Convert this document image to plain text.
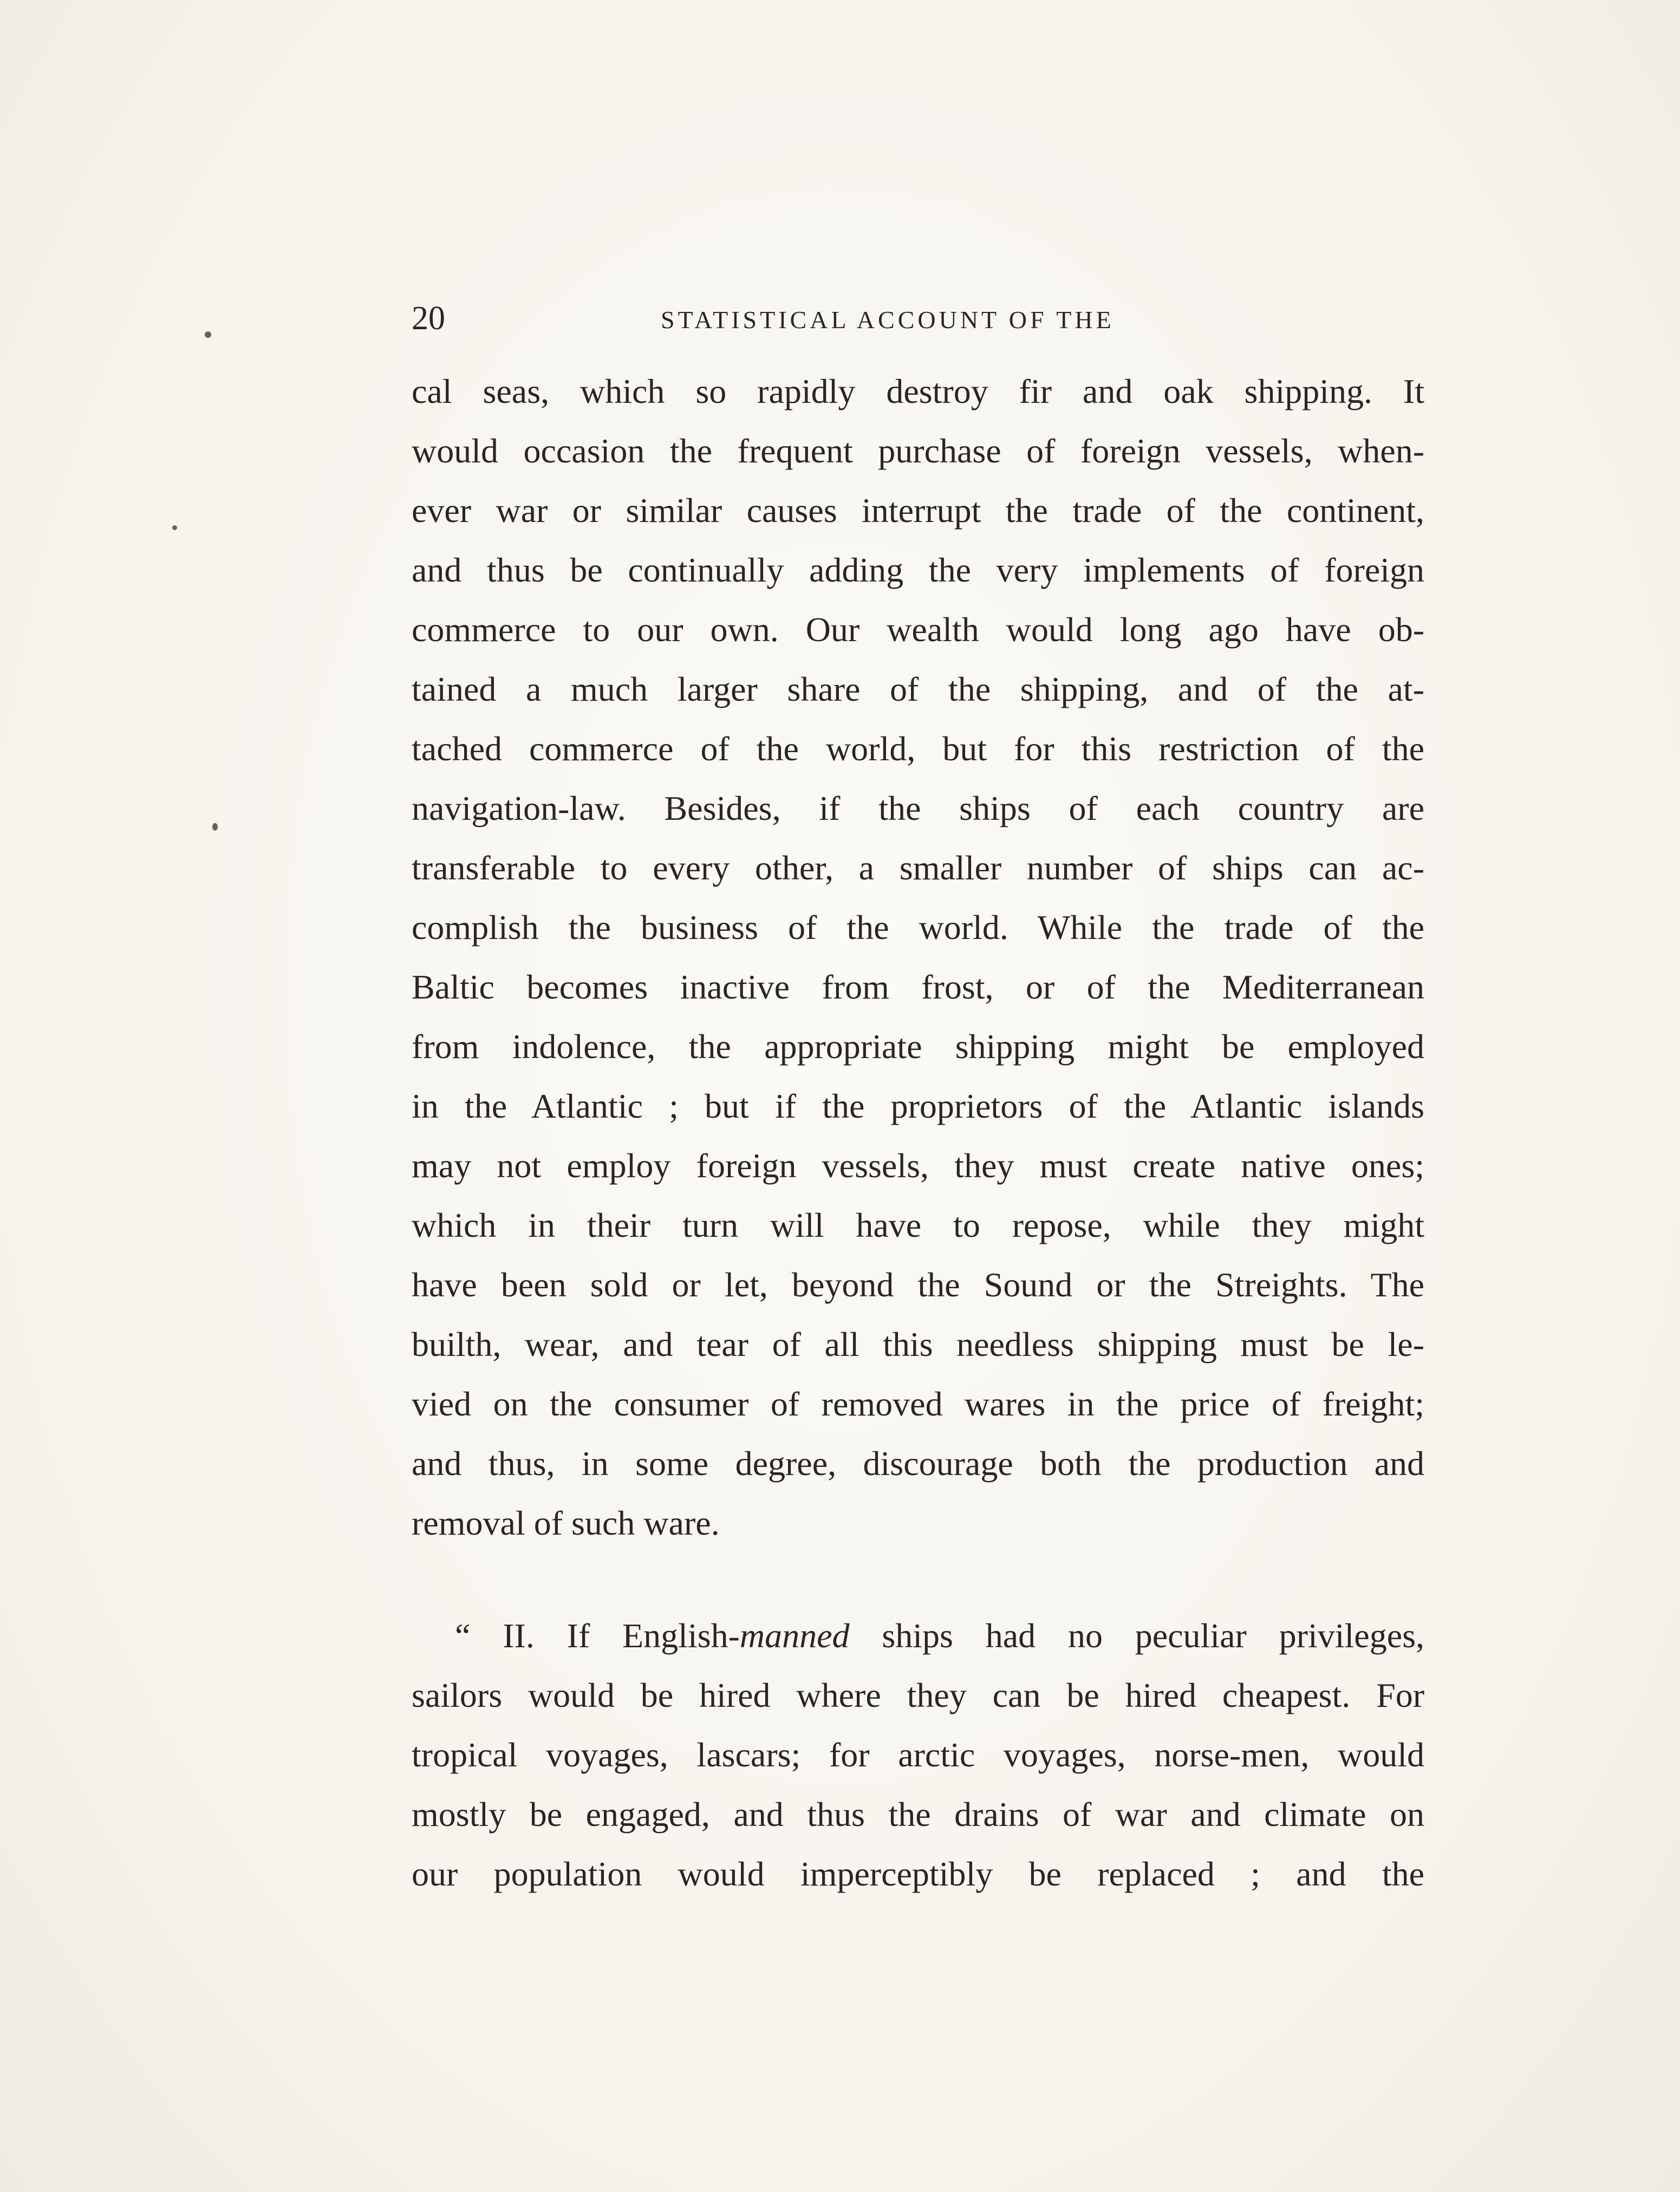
20	STATISTICAL ACCOUNT OF THE
cal seas, which so rapidly destroy fir and oak shipping. It
would occasion the frequent purchase of foreign vessels, when-
ever war or similar causes interrupt the trade of the continent,
and thus be continually adding the very implements of foreign
commerce to our own. Our wealth would long ago have ob-
tained a much larger share of the shipping, and of the at-
tached commerce of the world, but for this restriction of the
navigation-law. Besides, if the ships of each country are
transferable to every other, a smaller number of ships can ac-
complish the business of the world. While the trade of the
Baltic becomes inactive from frost, or of the Mediterranean
from indolence, the appropriate shipping might be employed
in the Atlantic ; but if the proprietors of the Atlantic islands
may not employ foreign vessels, they must create native ones;
which in their turn will have to repose, while they might
have been sold or let, beyond the Sound or the Streights. The
builth, wear, and tear of all this needless shipping must be le-
vied on the consumer of removed wares in the price of freight;
and thus, in some degree, discourage both the production and
removal of such ware.
“ II. If English-manned ships had no peculiar privileges,
sailors would be hired where they can be hired cheapest. For
tropical voyages, lascars; for arctic voyages, norse-men, would
mostly be engaged, and thus the drains of war and climate on
our population would imperceptibly be replaced ; and the
